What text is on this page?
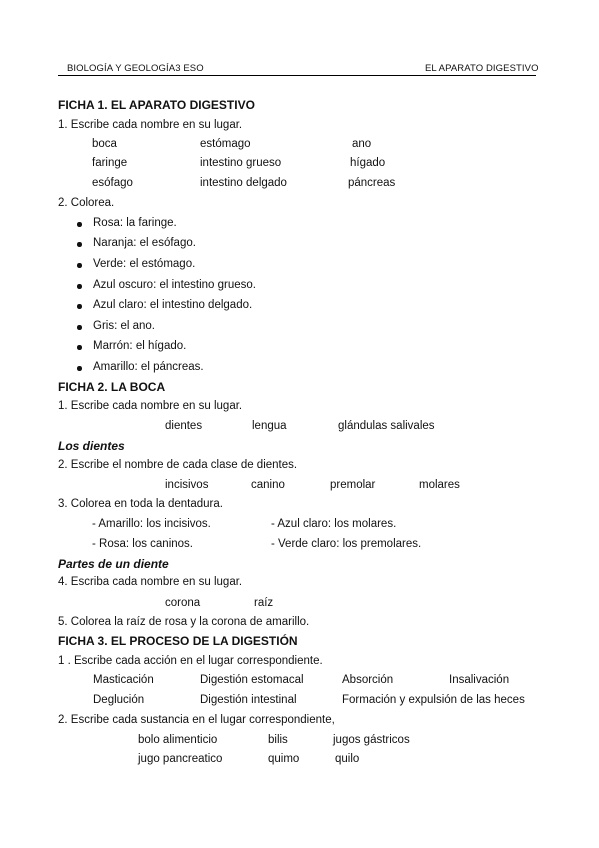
BIOLOGÍA Y GEOLOGÍA3 ESO	EL APARATO DIGESTIVO
FICHA 1. EL APARATO DIGESTIVO
1. Escribe cada nombre en su lugar.
boca	estómago	ano
faringe	intestino grueso	hígado
esófago	intestino delgado	páncreas
2. Colorea.
Rosa: la faringe.
Naranja: el esófago.
Verde: el estómago.
Azul oscuro: el intestino grueso.
Azul claro: el intestino delgado.
Gris: el ano.
Marrón: el hígado.
Amarillo: el páncreas.
FICHA 2. LA BOCA
1. Escribe cada nombre en su lugar.
dientes	lengua	glándulas salivales
Los dientes
2. Escribe el nombre de cada clase de dientes.
incisivos	canino	premolar	molares
3. Colorea en toda la dentadura.
- Amarillo: los incisivos.	- Azul claro: los molares.
- Rosa: los caninos.	- Verde claro: los premolares.
Partes de un diente
4. Escriba cada nombre en su lugar.
corona	raíz
5. Colorea la raíz de rosa y la corona de amarillo.
FICHA 3. EL PROCESO DE LA DIGESTIÓN
1 . Escribe cada acción en el lugar correspondiente.
Masticación	Digestión estomacal	Absorción	Insalivación
Deglución	Digestión intestinal	Formación y expulsión de las heces
2. Escribe cada sustancia en el lugar correspondiente,
bolo alimenticio	bilis	jugos gástricos
jugo pancreatico	quimo	quilo
